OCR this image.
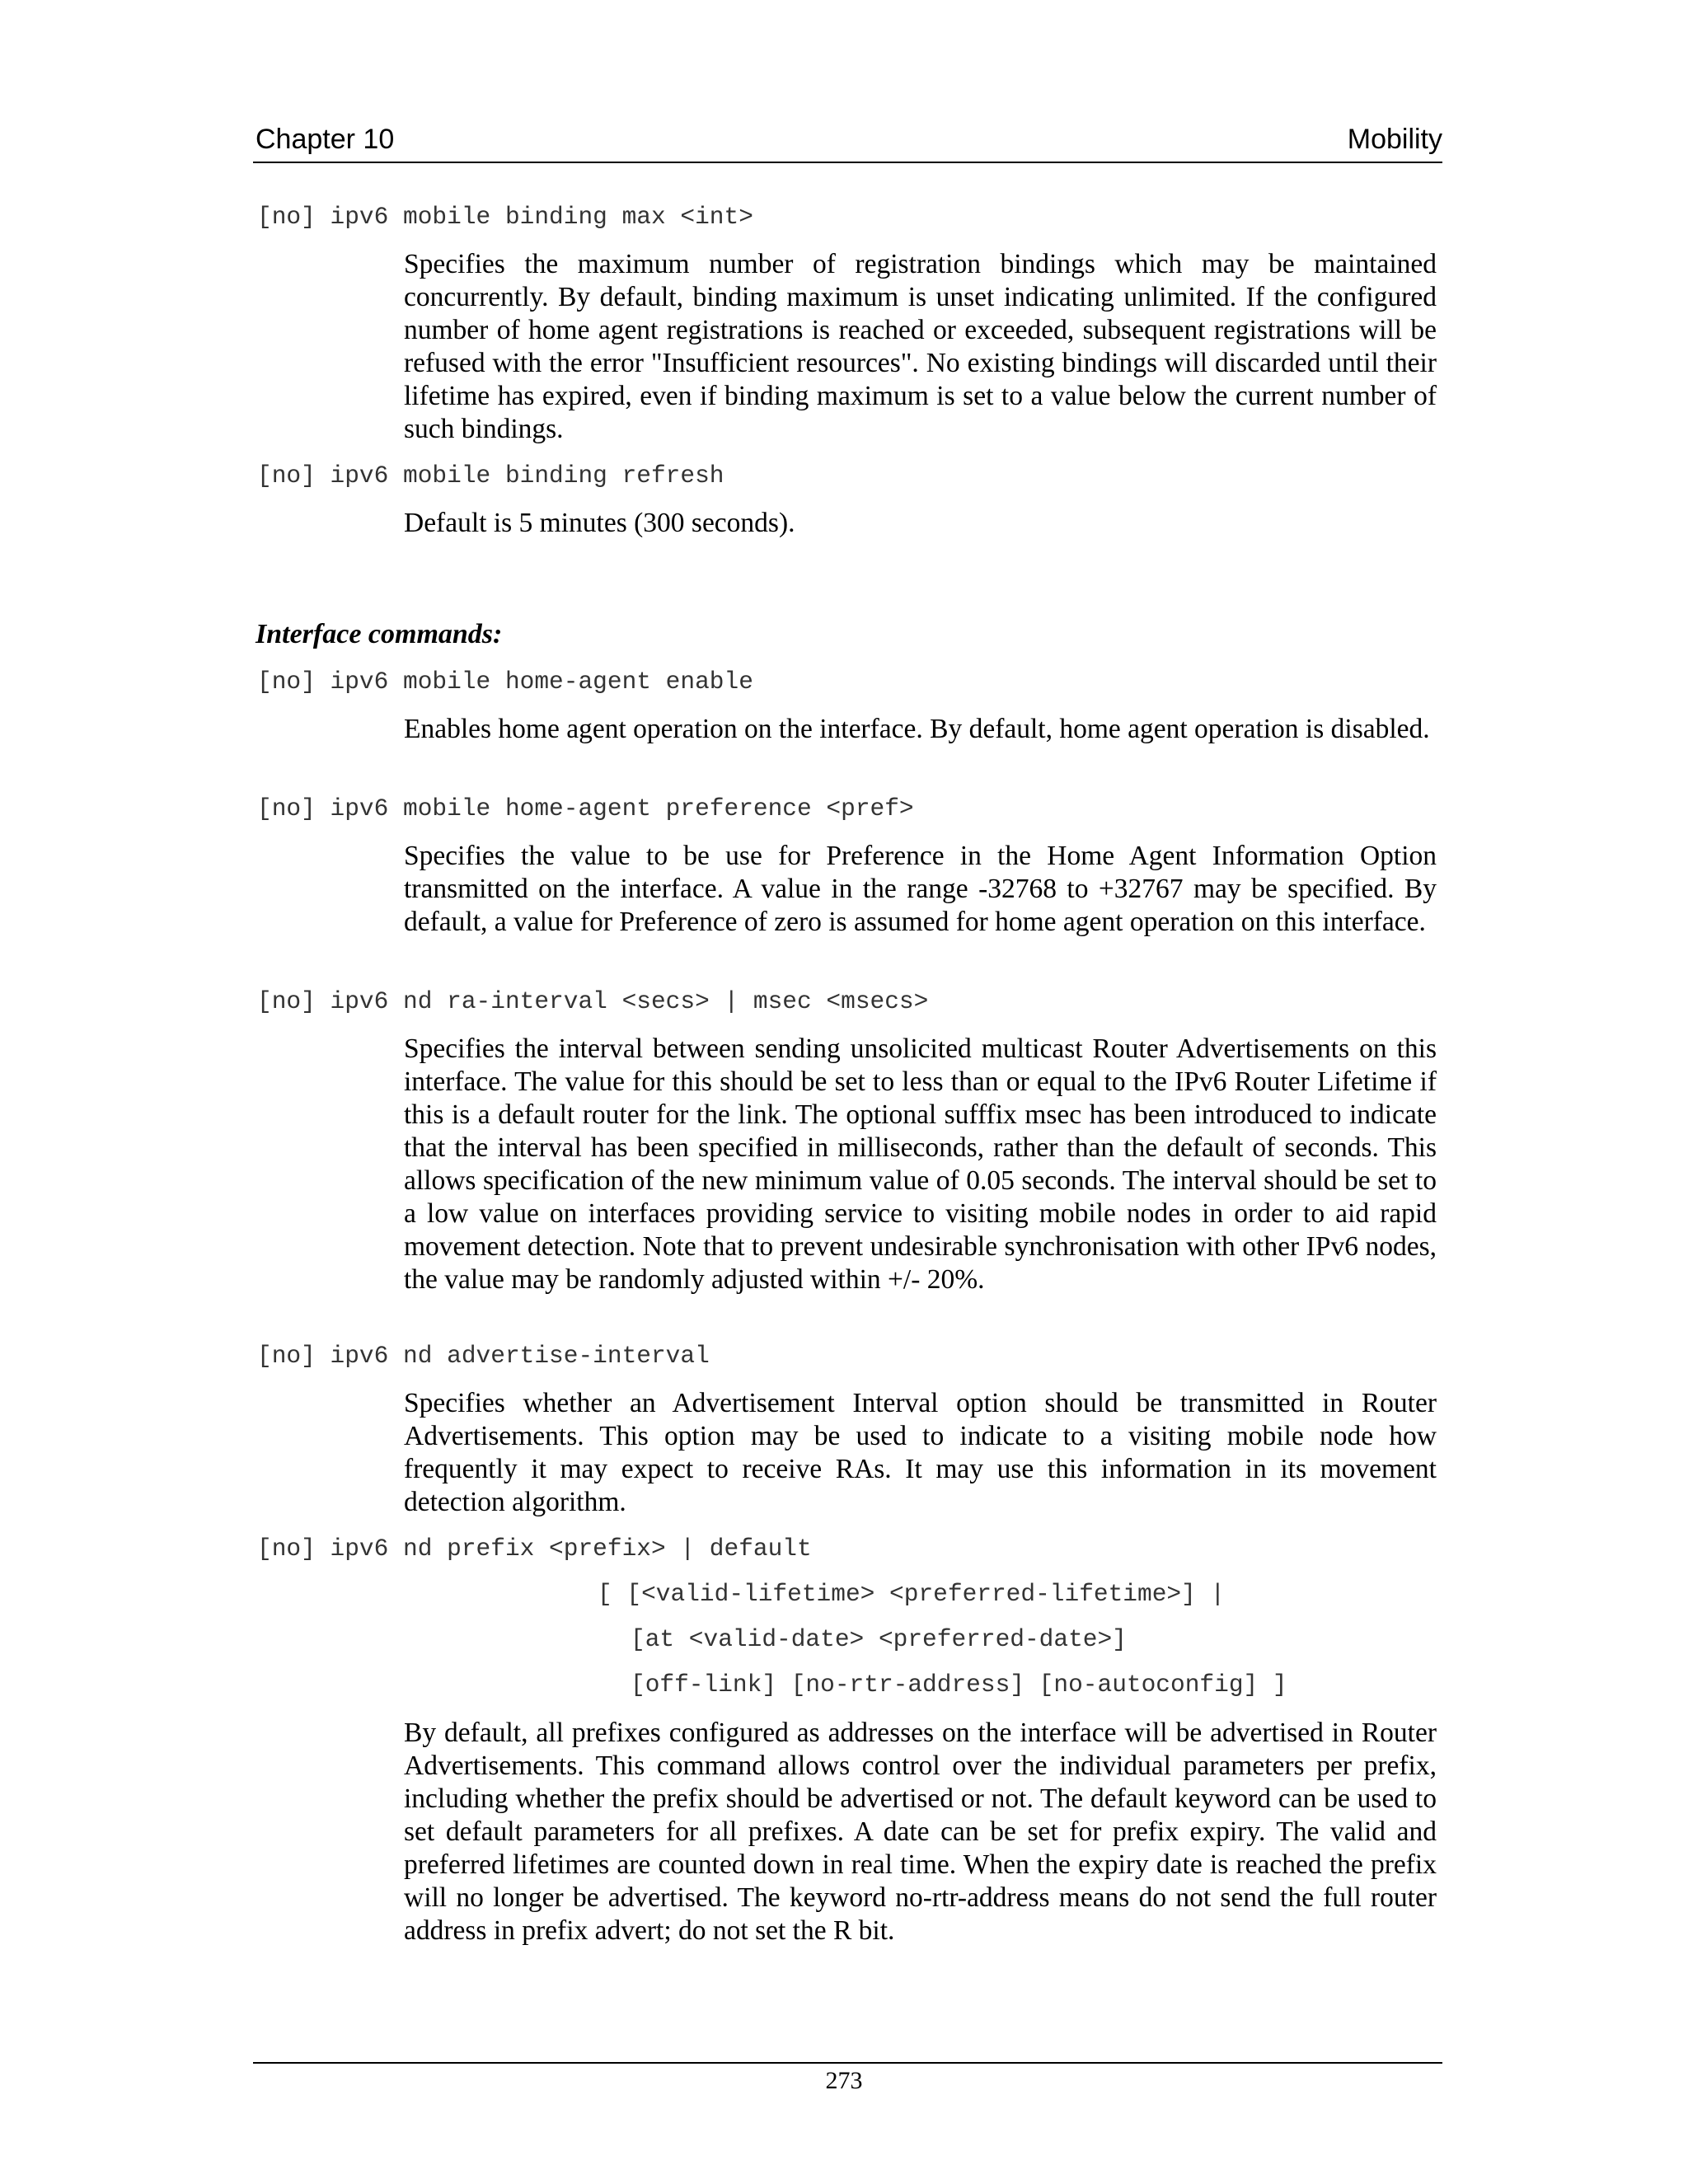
Chapter 10	Mobility
[no] ipv6 mobile binding max <int>
Specifies the maximum number of registration bindings which may be maintained concurrently. By default, binding maximum is unset indicating unlimited. If the configured number of home agent registrations is reached or exceeded, subsequent registrations will be refused with the error "Insufficient resources". No existing bindings will discarded until their lifetime has expired, even if binding maximum is set to a value below the current number of such bindings.
[no] ipv6 mobile binding refresh
Default is 5 minutes (300 seconds).
Interface commands:
[no] ipv6 mobile home-agent enable
Enables home agent operation on the interface. By default, home agent operation is disabled.
[no] ipv6 mobile home-agent preference <pref>
Specifies the value to be use for Preference in the Home Agent Information Option transmitted on the interface. A value in the range -32768 to +32767 may be specified. By default, a value for Preference of zero is assumed for home agent operation on this interface.
[no] ipv6 nd ra-interval <secs> | msec <msecs>
Specifies the interval between sending unsolicited multicast Router Advertisements on this interface. The value for this should be set to less than or equal to the IPv6 Router Lifetime if this is a default router for the link. The optional sufffix msec has been introduced to indicate that the interval has been specified in milliseconds, rather than the default of seconds. This allows specification of the new minimum value of 0.05 seconds. The interval should be set to a low value on interfaces providing service to visiting mobile nodes in order to aid rapid movement detection. Note that to prevent undesirable synchronisation with other IPv6 nodes, the value may be randomly adjusted within +/- 20%.
[no] ipv6 nd advertise-interval
Specifies whether an Advertisement Interval option should be transmitted in Router Advertisements. This option may be used to indicate to a visiting mobile node how frequently it may expect to receive RAs. It may use this information in its movement detection algorithm.
[no] ipv6 nd prefix <prefix> | default
[ [<valid-lifetime> <preferred-lifetime>] |
[at <valid-date> <preferred-date>]
[off-link] [no-rtr-address] [no-autoconfig] ]
By default, all prefixes configured as addresses on the interface will be advertised in Router Advertisements. This command allows control over the individual parameters per prefix, including whether the prefix should be advertised or not. The default keyword can be used to set default parameters for all prefixes. A date can be set for prefix expiry. The valid and preferred lifetimes are counted down in real time. When the expiry date is reached the prefix will no longer be advertised. The keyword no-rtr-address means do not send the full router address in prefix advert; do not set the R bit.
273
